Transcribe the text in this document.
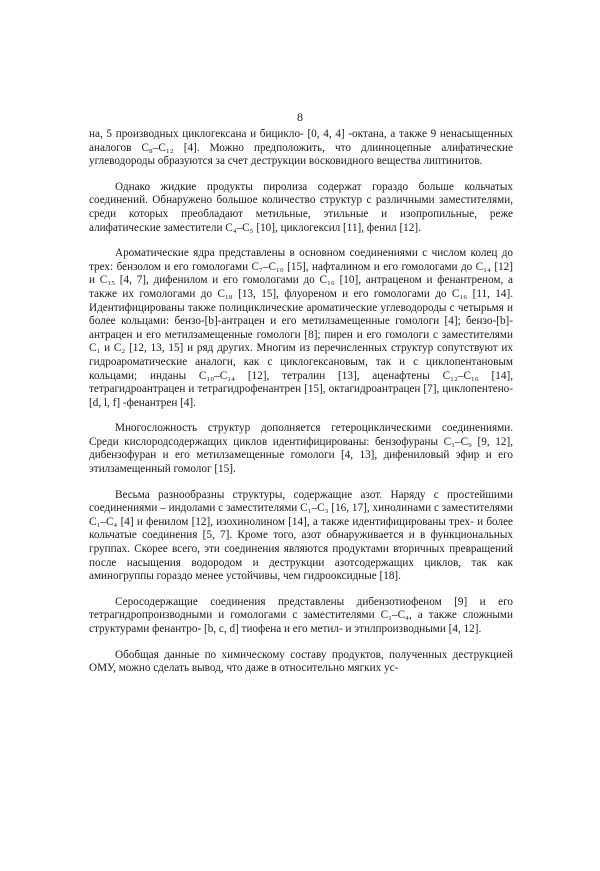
8

на, 5 производных циклогексана и бицикло- [0, 4, 4] -октана, а также 9 ненасыщенных аналогов C₈–C₁₂ [4]. Можно предположить, что длинноцепные алифатические углеводороды образуются за счет деструкции восковидного вещества липтинитов.

Однако жидкие продукты пиролиза содержат гораздо больше кольчатых соединений. Обнаружено большое количество структур с различными заместителями, среди которых преобладают метильные, этильные и изопропильные, реже алифатические заместители C₄–C₅ [10], циклогексил [11], фенил [12].

Ароматические ядра представлены в основном соединениями с числом колец до трех: бензолом и его гомологами C₇–C₁₀ [15], нафталином и его гомологами до C₁₄ [12] и C₁₅ [4, 7], дифенилом и его гомологами до C₁₆ [10], антраценом и фенантреном, а также их гомологами до C₁₈ [13, 15], флуореном и его гомологами до C₁₆ [11, 14]. Идентифицированы также полициклические ароматические углеводороды с четырьмя и более кольцами: бензо-[b]-антрацен и его метилзамещенные гомологи [4]; бензо-[b]-антрацен и его метилзамещенные гомологи [8]; пирен и его гомологи с заместителями C₁ и C₂ [12, 13, 15] и ряд других. Многим из перечисленных структур сопутствуют их гидроароматические аналоги, как с циклогексановым, так и с циклопентановым кольцами; инданы C₁₀–C₁₄ [12], тетралин [13], аценафтены C₁₂–C₁₆ [14], тетрагидроантрацен и тетрагидрофенантрен [15], октагидроантрацен [7], циклопентено- [d, l, f] -фенантрен [4].

Многосложность структур дополняется гетероциклическими соединениями. Среди кислородсодержащих циклов идентифицированы: бензофураны C₁–C₉ [9, 12], дибензофуран и его метилзамещенные гомологи [4, 13], дифениловый эфир и его этилзамещенный гомолог [15].

Весьма разнообразны структуры, содержащие азот. Наряду с простейшими соединениями – индолами с заместителями C₁–C₃ [16, 17], хинолинами с заместителями C₁–C₄ [4] и фенилом [12], изохинолином [14], а также идентифицированы трех- и более кольчатые соединения [5, 7]. Кроме того, азот обнаруживается и в функциональных группах. Скорее всего, эти соединения являются продуктами вторичных превращений после насыщения водородом и деструкции азотсодержащих циклов, так как аминогруппы гораздо менее устойчивы, чем гидрооксидные [18].

Серосодержащие соединения представлены дибензотиофеном [9] и его тетрагидропроизводными и гомологами с заместителями C₁–C₄, а также сложными структурами фенантро- [b, c, d] тиофена и его метил- и этилпроизводными [4, 12].

Обобщая данные по химическому составу продуктов, полученных деструкцией ОМУ, можно сделать вывод, что даже в относительно мягких ус-
